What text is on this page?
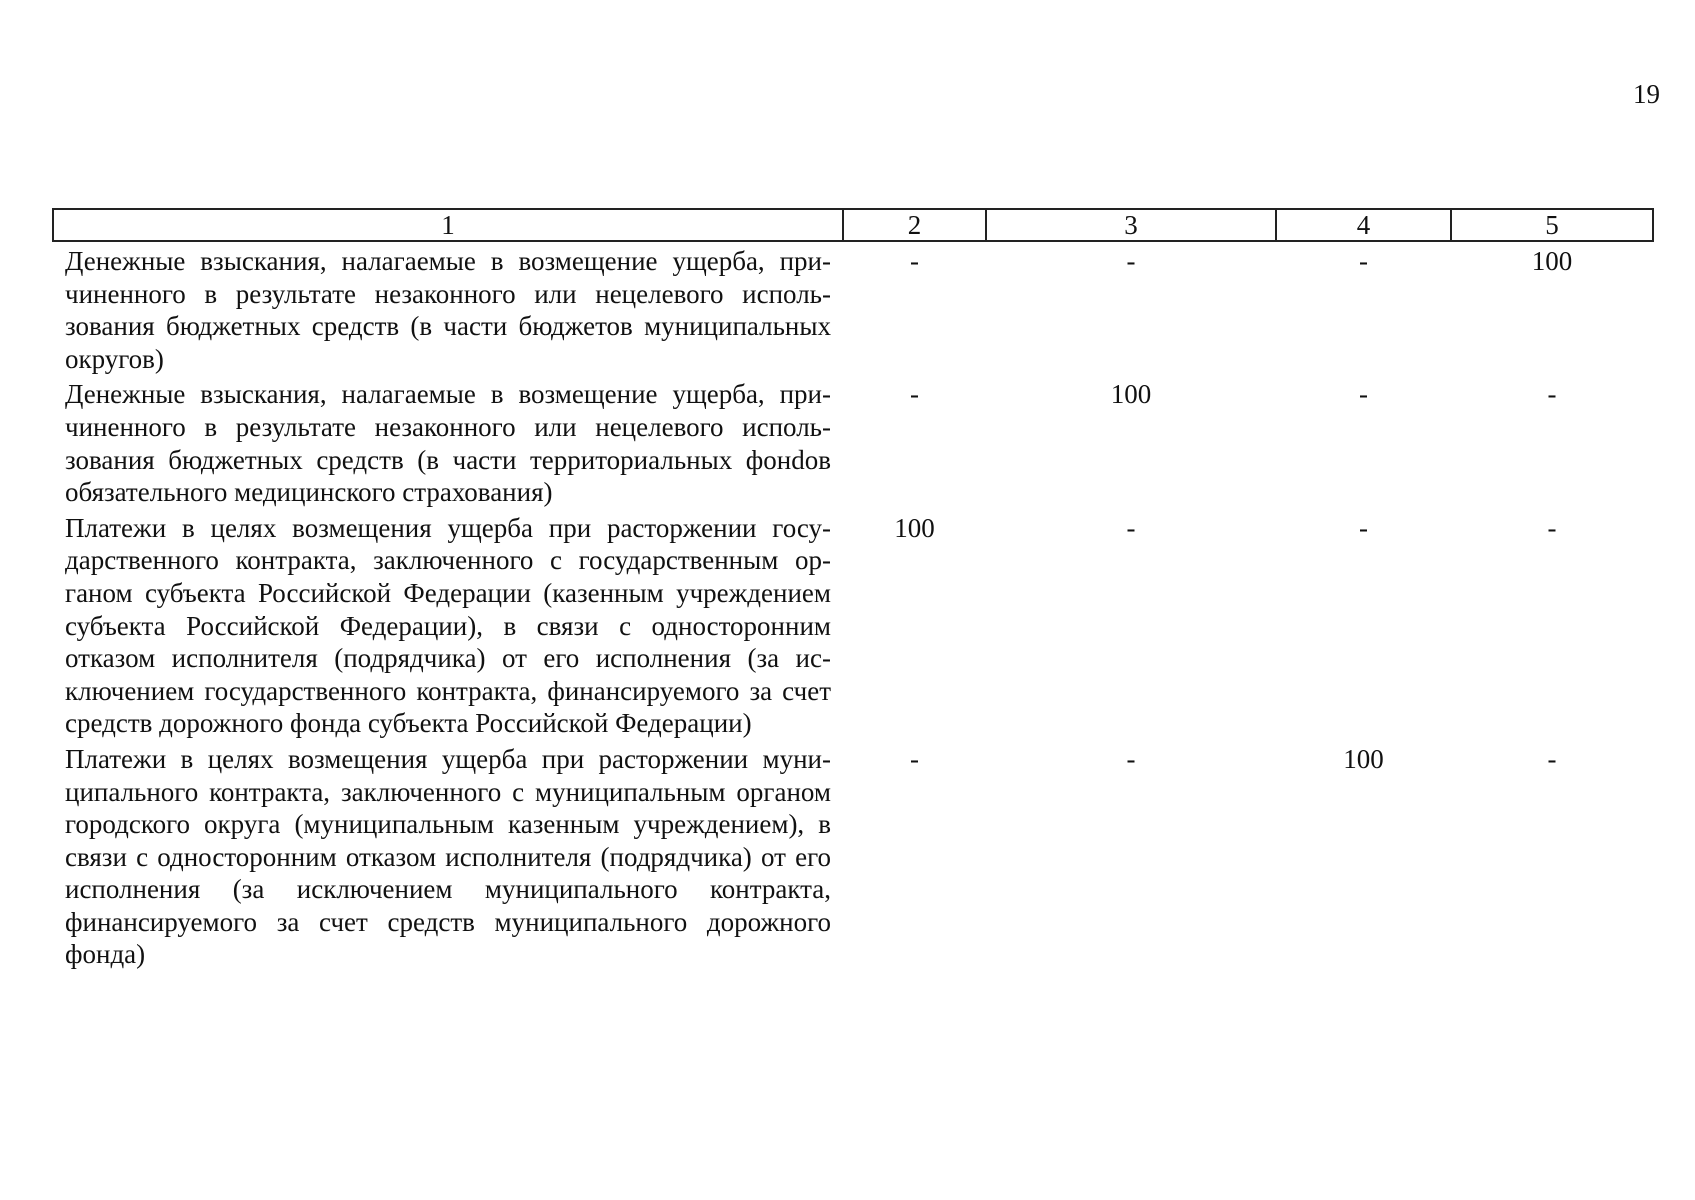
19
1	2	3	4	5
Денежные взыскания, налагаемые в возмещение ущерба, причиненного в результате незаконного или нецелевого использования бюджетных средств (в части бюджетов муниципальных округов)	-	-	-	100
Денежные взыскания, налагаемые в возмещение ущерба, причиненного в результате незаконного или нецелевого использования бюджетных средств (в части территориальных фонdов обязательного медицинского страхования)	-	100	-	-
Платежи в целях возмещения ущерба при расторжении государственного контракта, заключенного с государственным органом субъекта Российской Федерации (казенным учреждением субъекта Российской Федерации), в связи с односторонним отказом исполнителя (подрядчика) от его исполнения (за исключением государственного контракта, финансируемого за счет средств дорожного фонда субъекта Российской Федерации)	100	-	-	-
Платежи в целях возмещения ущерба при расторжении муниципального контракта, заключенного с муниципальным органом городского округа (муниципальным казенным учреждением), в связи с односторонним отказом исполнителя (подрядчика) от его исполнения (за исключением муниципального контракта, финансируемого за счет средств муниципального дорожного фонда)	-	-	100	-
